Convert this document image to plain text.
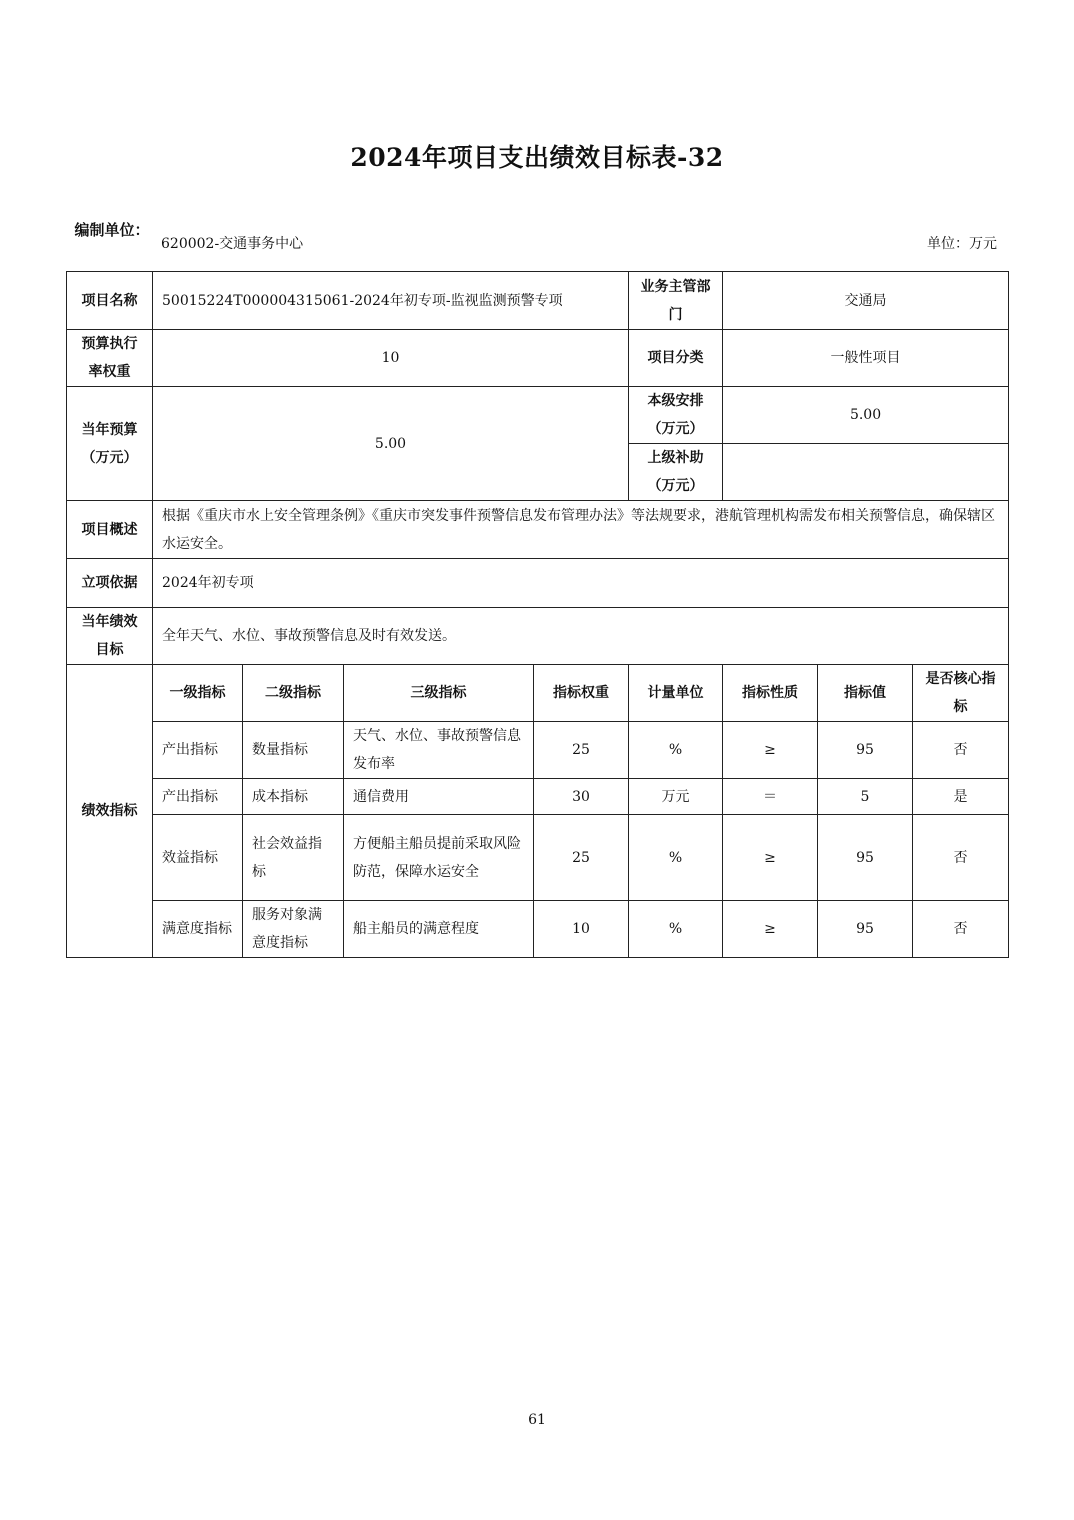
2024年项目支出绩效目标表-32
编制单位：
620002-交通事务中心	单位：万元
项目名称	50015224T000004315061-2024年初专项-监视监测预警专项				业务主管部门	交通局		
预算执行率权重	10				项目分类	一般性项目		
当年预算（万元）	5.00				本级安排（万元）	5.00		
					上级补助（万元）			
项目概述	根据《重庆市水上安全管理条例》《重庆市突发事件预警信息发布管理办法》等法规要求，港航管理机构需发布相关预警信息，确保辖区水运安全。							
立项依据	2024年初专项							
当年绩效目标	全年天气、水位、事故预警信息及时有效发送。							
绩效指标	一级指标	二级指标	三级指标	指标权重	计量单位	指标性质	指标值	是否核心指标
	产出指标	数量指标	天气、水位、事故预警信息发布率	25	%	≥	95	否
	产出指标	成本指标	通信费用	30	万元	＝	5	是
	效益指标	社会效益指标	方便船主船员提前采取风险防范，保障水运安全	25	%	≥	95	否
	满意度指标	服务对象满意度指标	船主船员的满意程度	10	%	≥	95	否
61
